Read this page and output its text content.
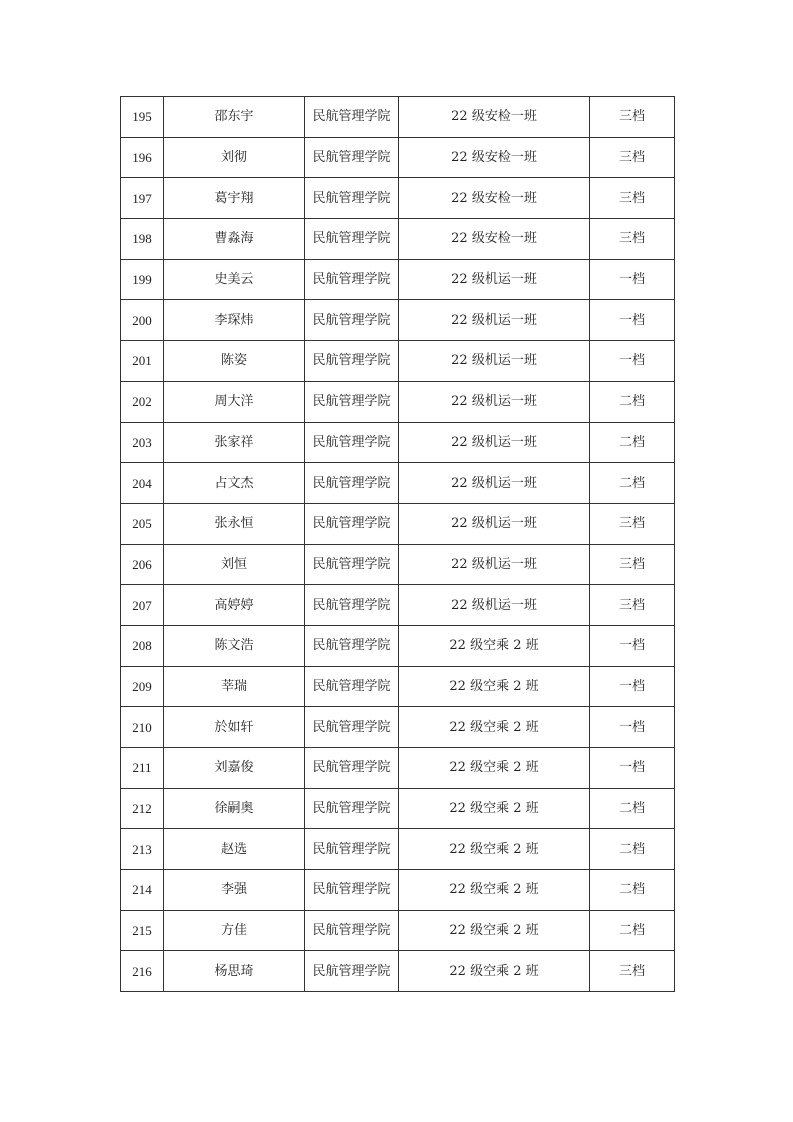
195	邵东宇	民航管理学院	22 级安检一班	三档
196	刘彻	民航管理学院	22 级安检一班	三档
197	葛宇翔	民航管理学院	22 级安检一班	三档
198	曹淼海	民航管理学院	22 级安检一班	三档
199	史美云	民航管理学院	22 级机运一班	一档
200	李琛炜	民航管理学院	22 级机运一班	一档
201	陈姿	民航管理学院	22 级机运一班	一档
202	周大洋	民航管理学院	22 级机运一班	二档
203	张家祥	民航管理学院	22 级机运一班	二档
204	占文杰	民航管理学院	22 级机运一班	二档
205	张永恒	民航管理学院	22 级机运一班	三档
206	刘恒	民航管理学院	22 级机运一班	三档
207	高婷婷	民航管理学院	22 级机运一班	三档
208	陈文浩	民航管理学院	22 级空乘 2 班	一档
209	莘瑞	民航管理学院	22 级空乘 2 班	一档
210	於如轩	民航管理学院	22 级空乘 2 班	一档
211	刘嘉俊	民航管理学院	22 级空乘 2 班	一档
212	徐嗣奥	民航管理学院	22 级空乘 2 班	二档
213	赵选	民航管理学院	22 级空乘 2 班	二档
214	李强	民航管理学院	22 级空乘 2 班	二档
215	方佳	民航管理学院	22 级空乘 2 班	二档
216	杨思琦	民航管理学院	22 级空乘 2 班	三档
